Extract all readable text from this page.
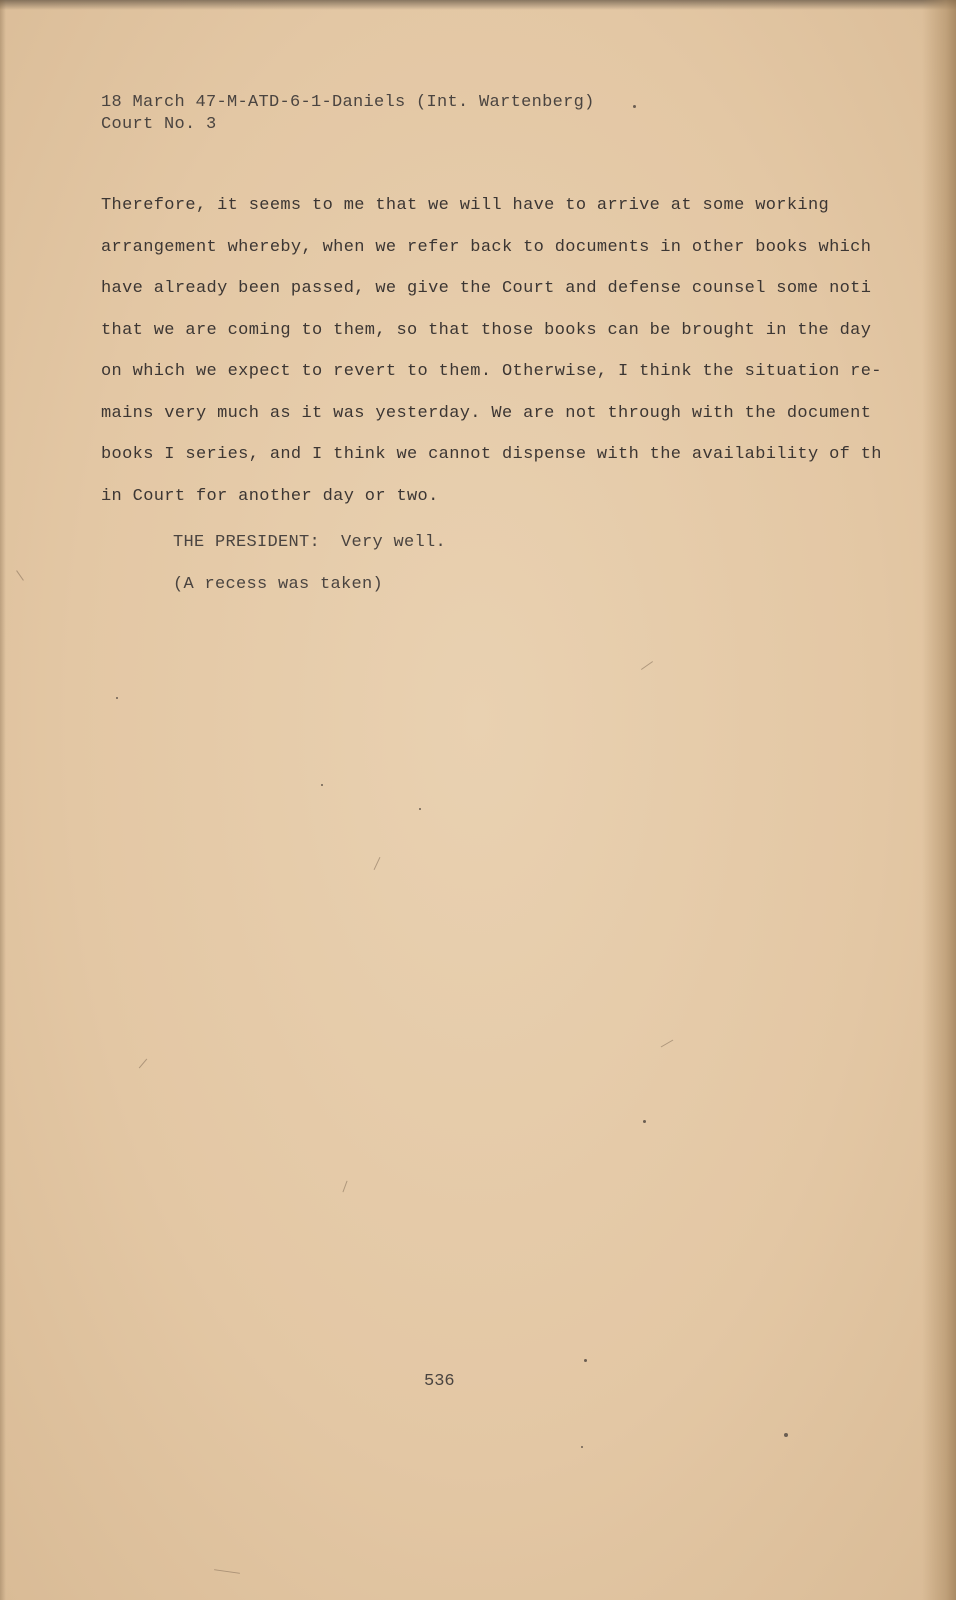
18 March 47-M-ATD-6-1-Daniels (Int. Wartenberg)
Court No. 3
Therefore, it seems to me that we will have to arrive at some working
arrangement whereby, when we refer back to documents in other books which
have already been passed, we give the Court and defense counsel some noti
that we are coming to them, so that those books can be brought in the day
on which we expect to revert to them. Otherwise, I think the situation re-
mains very much as it was yesterday. We are not through with the document
books I series, and I think we cannot dispense with the availability of th
in Court for another day or two.
THE PRESIDENT:  Very well.
(A recess was taken)
536
